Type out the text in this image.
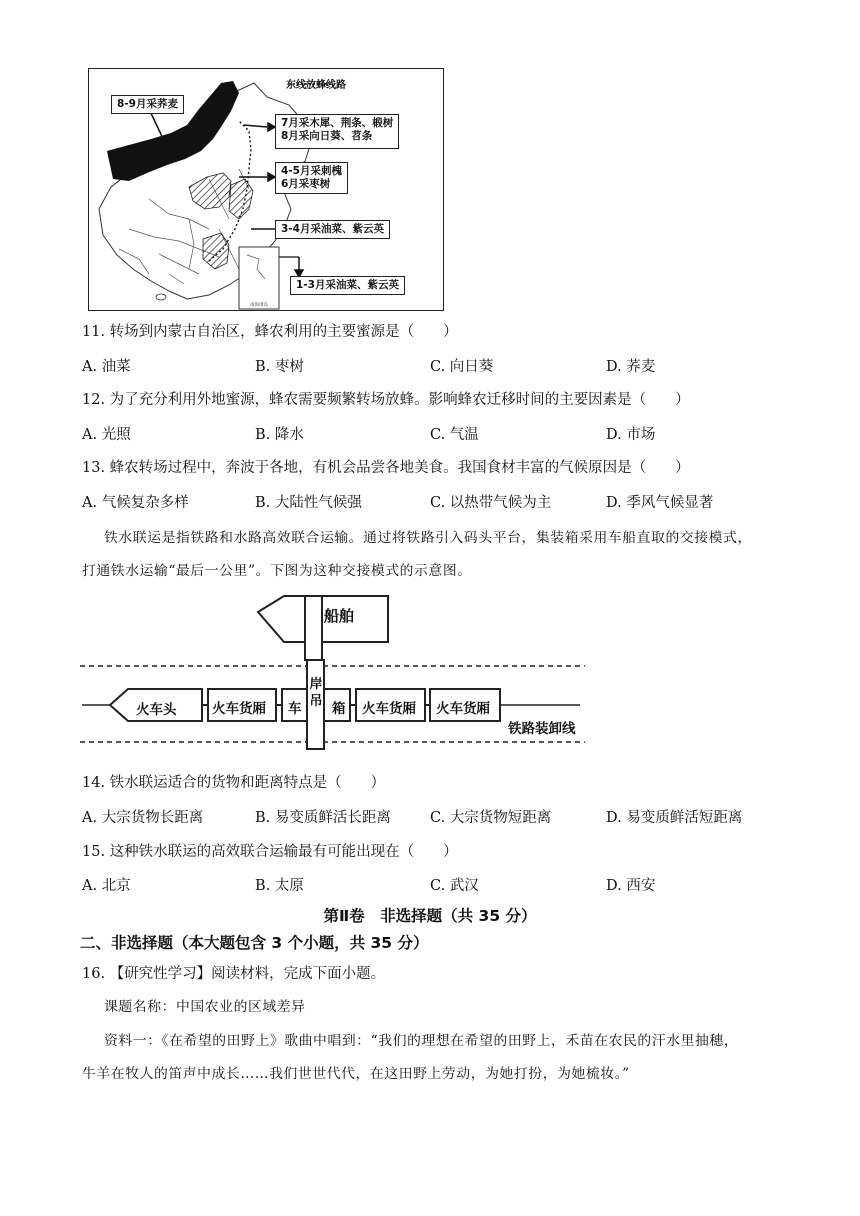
南海诸岛
东线放蜂线路
8-9月采荞麦
7月采木犀、荆条、椴树
8月采向日葵、苕条
4-5月采刺槐
6月采枣树
3-4月采油菜、紫云英
1-3月采油菜、紫云英
11. 转场到内蒙古自治区，蜂农利用的主要蜜源是（　　）
A. 油菜	B. 枣树	C. 向日葵	D. 荞麦
12. 为了充分利用外地蜜源，蜂农需要频繁转场放蜂。影响蜂农迁移时间的主要因素是（　　）
A. 光照	B. 降水	C. 气温	D. 市场
13. 蜂农转场过程中，奔波于各地，有机会品尝各地美食。我国食材丰富的气候原因是（　　）
A. 气候复杂多样	B. 大陆性气候强	C. 以热带气候为主	D. 季风气候显著
铁水联运是指铁路和水路高效联合运输。通过将铁路引入码头平台，集装箱采用车船直取的交接模式，
打通铁水运输“最后一公里”。下图为这种交接模式的示意图。
船舶
火车头	火车货厢 车
岸吊 箱 火车货厢 火车货厢
铁路装卸线
14. 铁水联运适合的货物和距离特点是（　　）
A. 大宗货物长距离	B. 易变质鲜活长距离	C. 大宗货物短距离	D. 易变质鲜活短距离
15. 这种铁水联运的高效联合运输最有可能出现在（　　）
A. 北京	B. 太原	C. 武汉	D. 西安
第Ⅱ卷　非选择题（共 35 分）
二、非选择题（本大题包含 3 个小题，共 35 分）
16. 【研究性学习】阅读材料，完成下面小题。
课题名称：中国农业的区域差异
资料一：《在希望的田野上》歌曲中唱到：“我们的理想在希望的田野上，禾苗在农民的汗水里抽穗，
牛羊在牧人的笛声中成长……我们世世代代，在这田野上劳动，为她打扮，为她梳妆。”
